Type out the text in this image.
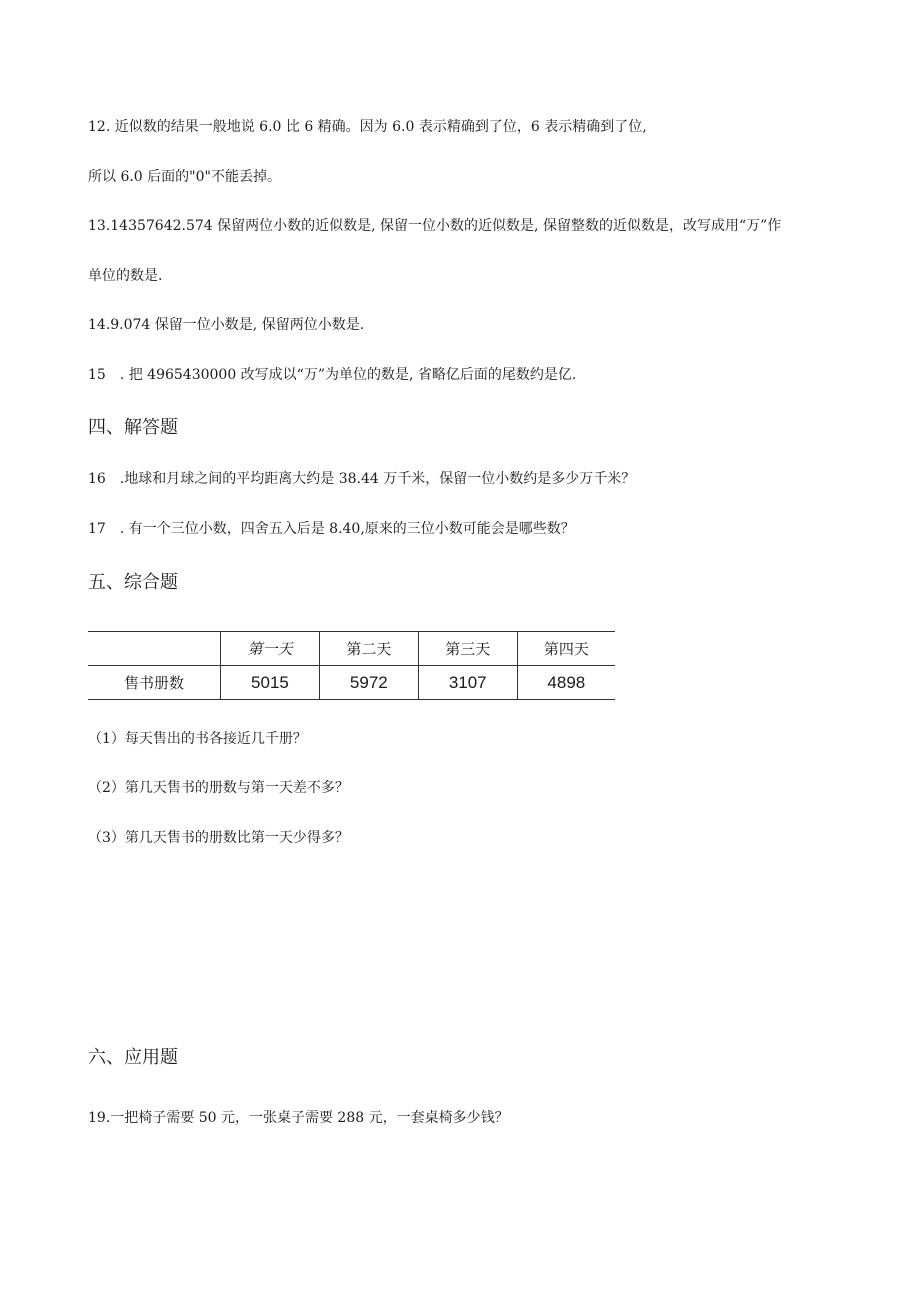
12. 近似数的结果一般地说 6.0 比 6 精确。因为 6.0 表示精确到了位，6 表示精确到了位,
所以 6.0 后面的"0"不能丢掉。
13.14357642.574 保留两位小数的近似数是, 保留一位小数的近似数是, 保留整数的近似数是，改写成用“万”作
单位的数是.
14.9.074 保留一位小数是, 保留两位小数是.
15　. 把 4965430000 改写成以“万”为单位的数是, 省略亿后面的尾数约是亿.
四、解答题
16　.地球和月球之间的平均距离大约是 38.44 万千米，保留一位小数约是多少万千米？
17　. 有一个三位小数，四舍五入后是 8.40,原来的三位小数可能会是哪些数？
五、综合题
	第一天	第二天	第三天	第四天
售书册数	5015	5972	3107	4898
（1）每天售出的书各接近几千册？
（2）第几天售书的册数与第一天差不多？
（3）第几天售书的册数比第一天少得多？
六、应用题
19.一把椅子需要 50 元，一张桌子需要 288 元，一套桌椅多少钱？
